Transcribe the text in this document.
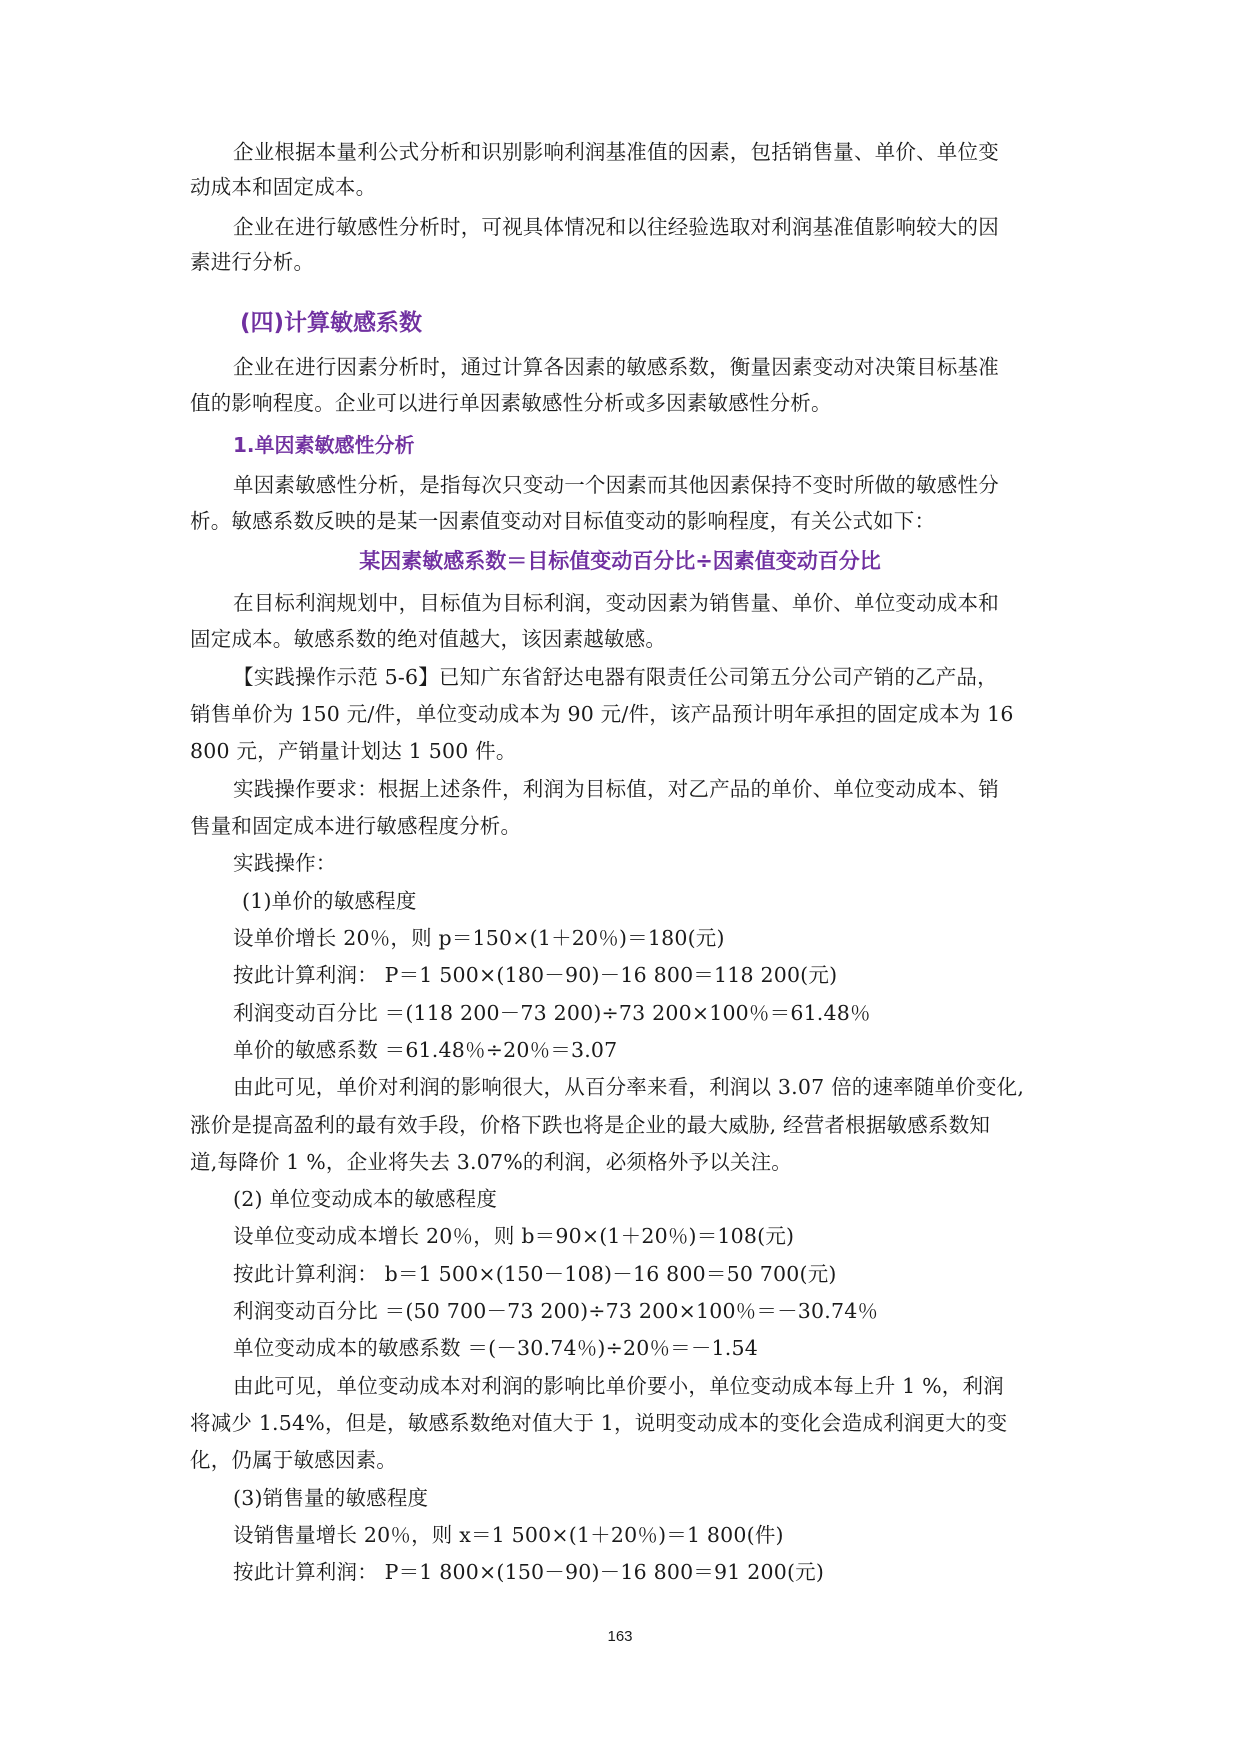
企业根据本量利公式分析和识别影响利润基准值的因素，包括销售量、单价、单位变
动成本和固定成本。
企业在进行敏感性分析时，可视具体情况和以往经验选取对利润基准值影响较大的因
素进行分析。
(四)计算敏感系数
企业在进行因素分析时，通过计算各因素的敏感系数，衡量因素变动对决策目标基准
值的影响程度。企业可以进行单因素敏感性分析或多因素敏感性分析。
1.单因素敏感性分析
单因素敏感性分析，是指每次只变动一个因素而其他因素保持不变时所做的敏感性分
析。敏感系数反映的是某一因素值变动对目标值变动的影响程度，有关公式如下：
某因素敏感系数＝目标值变动百分比÷因素值变动百分比
在目标利润规划中，目标值为目标利润，变动因素为销售量、单价、单位变动成本和
固定成本。敏感系数的绝对值越大，该因素越敏感。
【实践操作示范 5-6】已知广东省舒达电器有限责任公司第五分公司产销的乙产品，
销售单价为 150 元/件，单位变动成本为 90 元/件，该产品预计明年承担的固定成本为 16
800 元，产销量计划达 1 500 件。
实践操作要求：根据上述条件，利润为目标值，对乙产品的单价、单位变动成本、销
售量和固定成本进行敏感程度分析。
实践操作：
(1)单价的敏感程度
设单价增长 20％，则 p＝150×(1＋20％)＝180(元)
按此计算利润： P＝1 500×(180－90)－16 800＝118 200(元)
利润变动百分比 ＝(118 200－73 200)÷73 200×100％＝61.48％
单价的敏感系数 ＝61.48％÷20％＝3.07
由此可见，单价对利润的影响很大，从百分率来看，利润以 3.07 倍的速率随单价变化,
涨价是提高盈利的最有效手段，价格下跌也将是企业的最大威胁, 经营者根据敏感系数知
道,每降价 1 %，企业将失去 3.07%的利润，必须格外予以关注。
(2) 单位变动成本的敏感程度
设单位变动成本增长 20％，则 b＝90×(1＋20％)＝108(元)
按此计算利润： b＝1 500×(150－108)－16 800＝50 700(元)
利润变动百分比 ＝(50 700－73 200)÷73 200×100％＝－30.74％
单位变动成本的敏感系数 ＝(－30.74％)÷20％＝－1.54
由此可见，单位变动成本对利润的影响比单价要小，单位变动成本每上升 1 %，利润
将减少 1.54%，但是，敏感系数绝对值大于 1，说明变动成本的变化会造成利润更大的变
化，仍属于敏感因素。
(3)销售量的敏感程度
设销售量增长 20％，则 x＝1 500×(1＋20％)＝1 800(件)
按此计算利润： P＝1 800×(150－90)－16 800＝91 200(元)
163
